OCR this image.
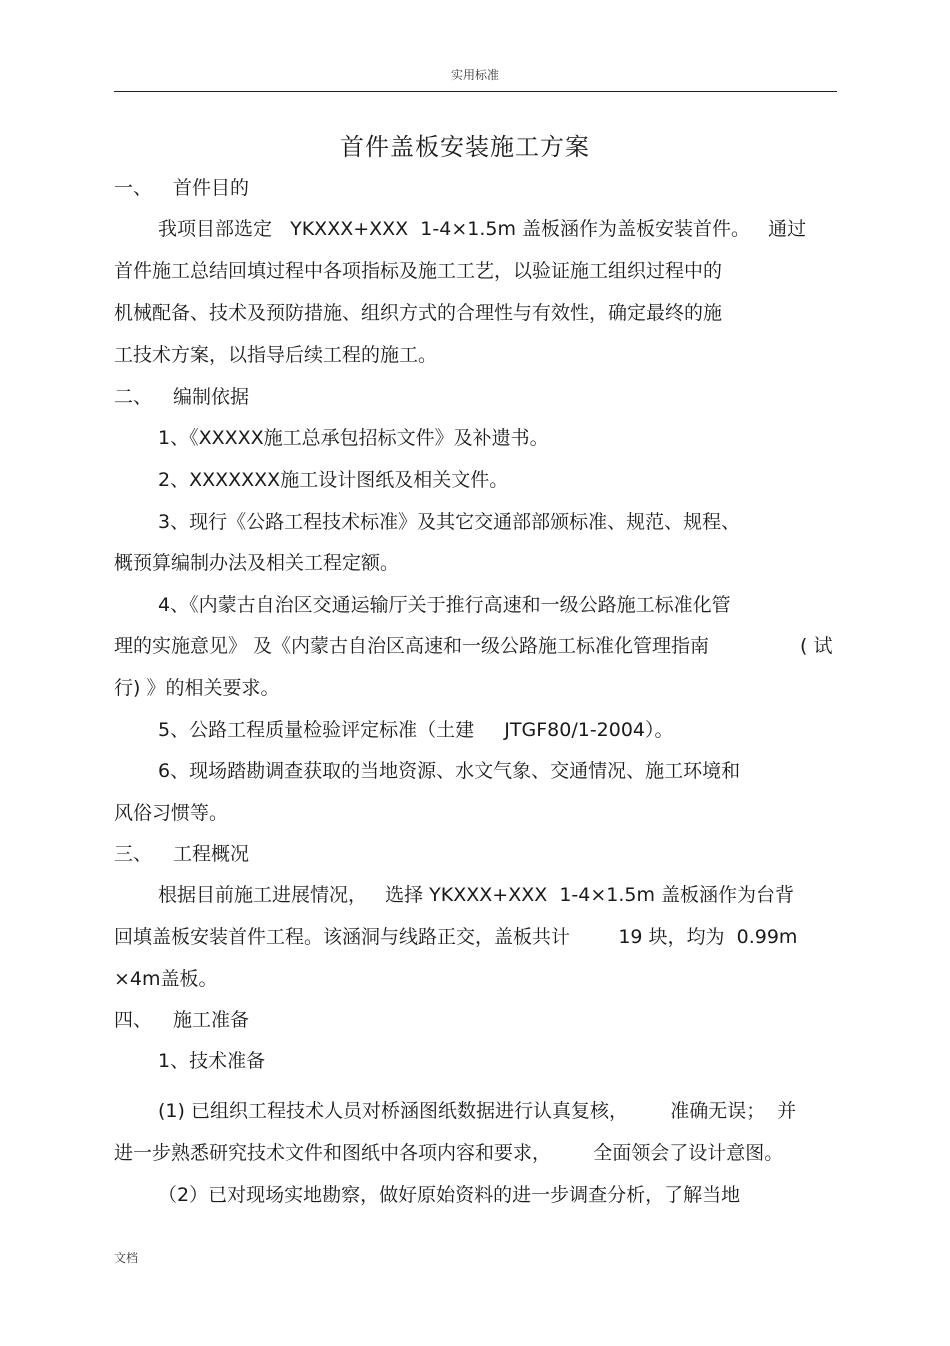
实用标准
首件盖板安装施工方案
一、 首件目的
我项目部选定   YKXXX+XXX  1-4×1.5m 盖板涵作为盖板安装首件。   通过
首件施工总结回填过程中各项指标及施工工艺，以验证施工组织过程中的
机械配备、技术及预防措施、组织方式的合理性与有效性，确定最终的施
工技术方案，以指导后续工程的施工。
二、 编制依据
1、《XXXXX施工总承包招标文件》及补遗书。
2、XXXXXXX施工设计图纸及相关文件。
3、现行《公路工程技术标准》及其它交通部部颁标准、规范、规程、
概预算编制办法及相关工程定额。
4、《内蒙古自治区交通运输厅关于推行高速和一级公路施工标准化管
理的实施意见》 及《内蒙古自治区高速和一级公路施工标准化管理指南	( 试
行) 》的相关要求。
5、公路工程质量检验评定标准（土建     JTGF80/1-2004）。
6、现场踏勘调查获取的当地资源、水文气象、交通情况、施工环境和
风俗习惯等。
三、 工程概况
根据目前施工进展情况，   选择 YKXXX+XXX  1-4×1.5m 盖板涵作为台背
回填盖板安装首件工程。该涵洞与线路正交，盖板共计        19 块，均为  0.99m
×4m盖板。
四、 施工准备
1、技术准备
(1) 已组织工程技术人员对桥涵图纸数据进行认真复核，       准确无误；  并
进一步熟悉研究技术文件和图纸中各项内容和要求，       全面领会了设计意图。
（2）已对现场实地勘察，做好原始资料的进一步调查分析，了解当地
文档
